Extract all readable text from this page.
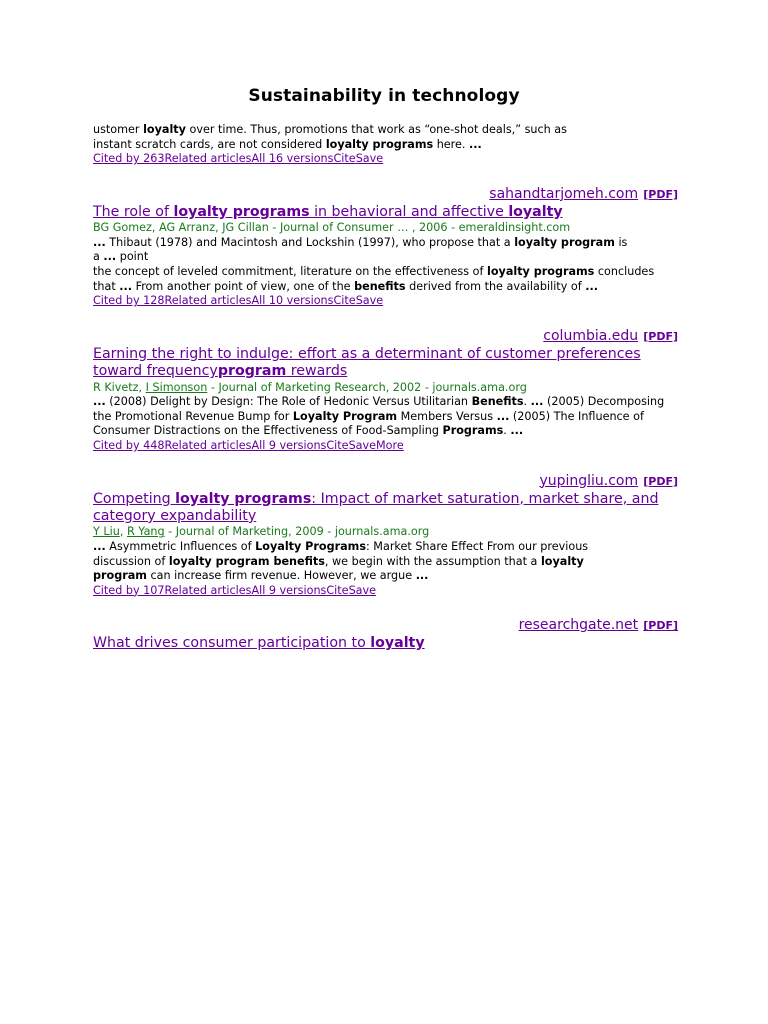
Sustainability in technology
ustomer loyalty over time. Thus, promotions that work as “one-shot deals,” such as
instant scratch cards, are not considered loyalty programs here. ...
Cited by 263Related articlesAll 16 versionsCiteSave
sahandtarjomeh.com [PDF]
The role of loyalty programs in behavioral and affective loyalty
BG Gomez, AG Arranz, JG Cillan - Journal of Consumer … , 2006 - emeraldinsight.com
... Thibaut (1978) and Macintosh and Lockshin (1997), who propose that a loyalty program is
a ... point
the concept of leveled commitment, literature on the effectiveness of loyalty programs concludes
that ... From another point of view, one of the benefits derived from the availability of ...
Cited by 128Related articlesAll 10 versionsCiteSave
columbia.edu [PDF]
Earning the right to indulge: effort as a determinant of customer preferences
toward frequencyprogram rewards
R Kivetz, I Simonson - Journal of Marketing Research, 2002 - journals.ama.org
... (2008) Delight by Design: The Role of Hedonic Versus Utilitarian Benefits. ... (2005) Decomposing
the Promotional Revenue Bump for Loyalty Program Members Versus ... (2005) The Influence of
Consumer Distractions on the Effectiveness of Food-Sampling Programs. ...
Cited by 448Related articlesAll 9 versionsCiteSaveMore
yupingliu.com [PDF]
Competing loyalty programs: Impact of market saturation, market share, and
category expandability
Y Liu, R Yang - Journal of Marketing, 2009 - journals.ama.org
... Asymmetric Influences of Loyalty Programs: Market Share Effect From our previous
discussion of loyalty program benefits, we begin with the assumption that a loyalty
program can increase firm revenue. However, we argue ...
Cited by 107Related articlesAll 9 versionsCiteSave
researchgate.net [PDF]
What drives consumer participation to loyalty
